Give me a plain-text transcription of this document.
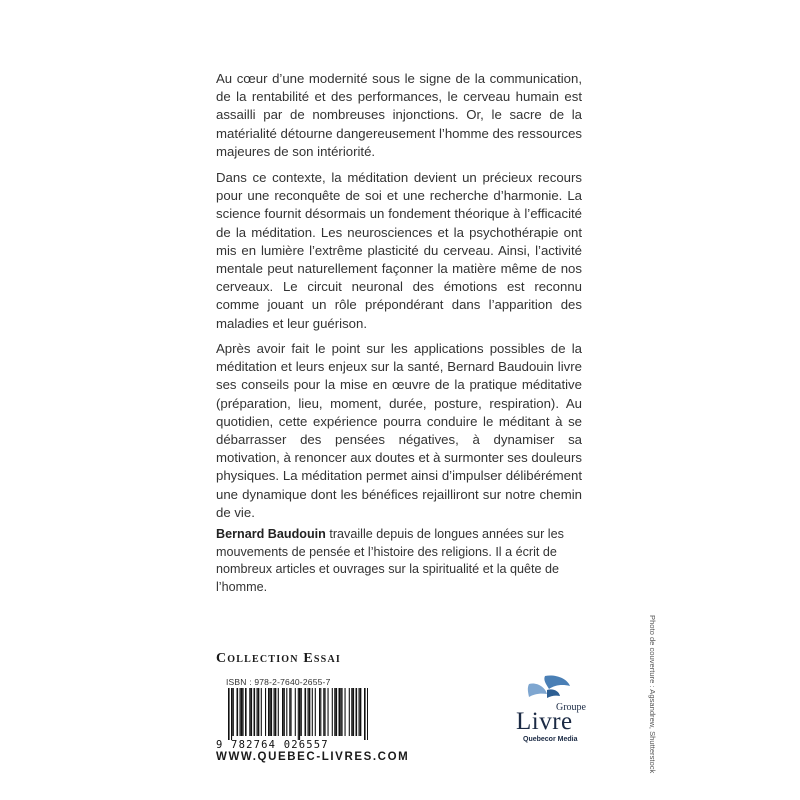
Au cœur d’une modernité sous le signe de la communication, de la rentabilité et des performances, le cerveau humain est assailli par de nombreuses injonctions. Or, le sacre de la matérialité détourne dangereusement l’homme des ressources majeures de son intériorité.

Dans ce contexte, la méditation devient un précieux recours pour une reconquête de soi et une recherche d’harmonie. La science fournit désormais un fondement théorique à l’efficacité de la méditation. Les neurosciences et la psychothérapie ont mis en lumière l’extrême plasticité du cerveau. Ainsi, l’activité mentale peut naturellement façonner la matière même de nos cerveaux. Le circuit neuronal des émotions est reconnu comme jouant un rôle prépondérant dans l’apparition des maladies et leur guérison.

Après avoir fait le point sur les applications possibles de la méditation et leurs enjeux sur la santé, Bernard Baudouin livre ses conseils pour la mise en œuvre de la pratique méditative (préparation, lieu, moment, durée, posture, respiration). Au quotidien, cette expérience pourra conduire le méditant à se débarrasser des pensées négatives, à dynamiser sa motivation, à renoncer aux doutes et à surmonter ses douleurs physiques. La méditation permet ainsi d’impulser délibérément une dynamique dont les bénéfices rejailliront sur notre chemin de vie.

Bernard Baudouin travaille depuis de longues années sur les mouvements de pensée et l’histoire des religions. Il a écrit de nombreux articles et ouvrages sur la spiritualité et la quête de l’homme.

Collection Essai
ISBN : 978-2-7640-2655-7
9 782764 026557
WWW.QUEBEC-LIVRES.COM
Groupe
Livre
Quebecor Media	Photo de couverture : Agsandrew, Shutterstock
